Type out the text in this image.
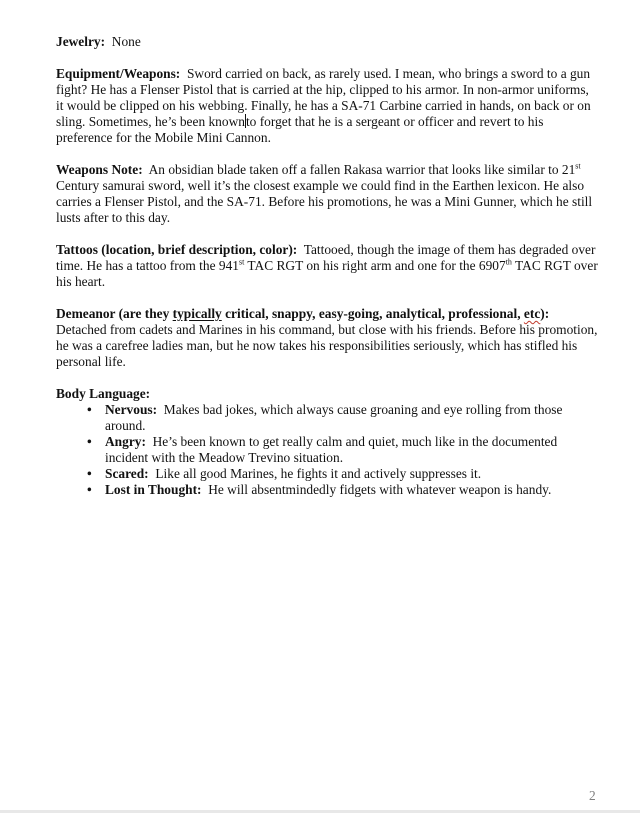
Jewelry: None

Equipment/Weapons: Sword carried on back, as rarely used. I mean, who brings a sword to a gun fight? He has a Flenser Pistol that is carried at the hip, clipped to his armor. In non-armor uniforms, it would be clipped on his webbing. Finally, he has a SA-71 Carbine carried in hands, on back or on sling. Sometimes, he’s been knownto forget that he is a sergeant or officer and revert to his preference for the Mobile Mini Cannon.

Weapons Note: An obsidian blade taken off a fallen Rakasa warrior that looks like similar to 21st Century samurai sword, well it’s the closest example we could find in the Earthen lexicon. He also carries a Flenser Pistol, and the SA-71. Before his promotions, he was a Mini Gunner, which he still lusts after to this day.

Tattoos (location, brief description, color): Tattooed, though the image of them has degraded over time. He has a tattoo from the 941st TAC RGT on his right arm and one for the 6907th TAC RGT over his heart.

Demeanor (are they typically critical, snappy, easy-going, analytical, professional, etc): Detached from cadets and Marines in his command, but close with his friends. Before his promotion, he was a carefree ladies man, but he now takes his responsibilities seriously, which has stifled his personal life.

Body Language:

• Nervous: Makes bad jokes, which always cause groaning and eye rolling from those around.
• Angry: He’s been known to get really calm and quiet, much like in the documented incident with the Meadow Trevino situation.
• Scared: Like all good Marines, he fights it and actively suppresses it.
• Lost in Thought: He will absentmindedly fidgets with whatever weapon is handy.
2
